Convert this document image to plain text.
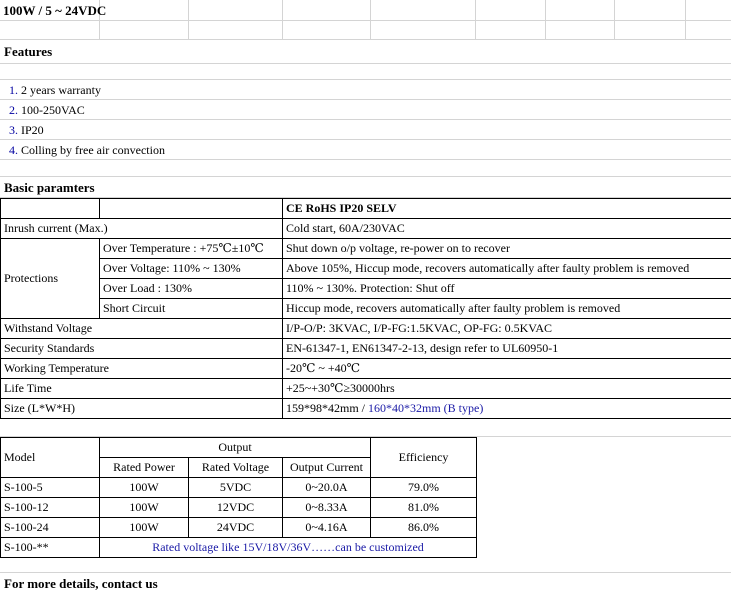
100W / 5 ~ 24VDC
Features
1. 2 years warranty
2. 100-250VAC
3. IP20
4. Colling by free air convection
Basic paramters
		CE RoHS IP20 SELV
Inrush current (Max.)		Cold start, 60A/230VAC
Protections	Over Temperature : +75℃±10℃	Shut down o/p voltage, re-power on to recover
	Over Voltage: 110% ~ 130%	Above 105%, Hiccup mode, recovers automatically after faulty problem is removed
	Over Load : 130%	110% ~ 130%. Protection: Shut off
	Short Circuit	Hiccup mode, recovers automatically after faulty problem is removed
Withstand Voltage		I/P-O/P: 3KVAC, I/P-FG:1.5KVAC, OP-FG: 0.5KVAC
Security Standards		EN-61347-1, EN61347-2-13, design refer to UL60950-1
Working Temperature		-20℃ ~ +40℃
Life Time		+25~+30℃≥30000hrs
Size (L*W*H)		159*98*42mm / 160*40*32mm (B type)
Model	Output			Efficiency
	Rated Power	Rated Voltage	Output Current	
S-100-5	100W	5VDC	0~20.0A	79.0%
S-100-12	100W	12VDC	0~8.33A	81.0%
S-100-24	100W	24VDC	0~4.16A	86.0%
S-100-**	Rated voltage like 15V/18V/36V……can be customized			
For more details, contact us
